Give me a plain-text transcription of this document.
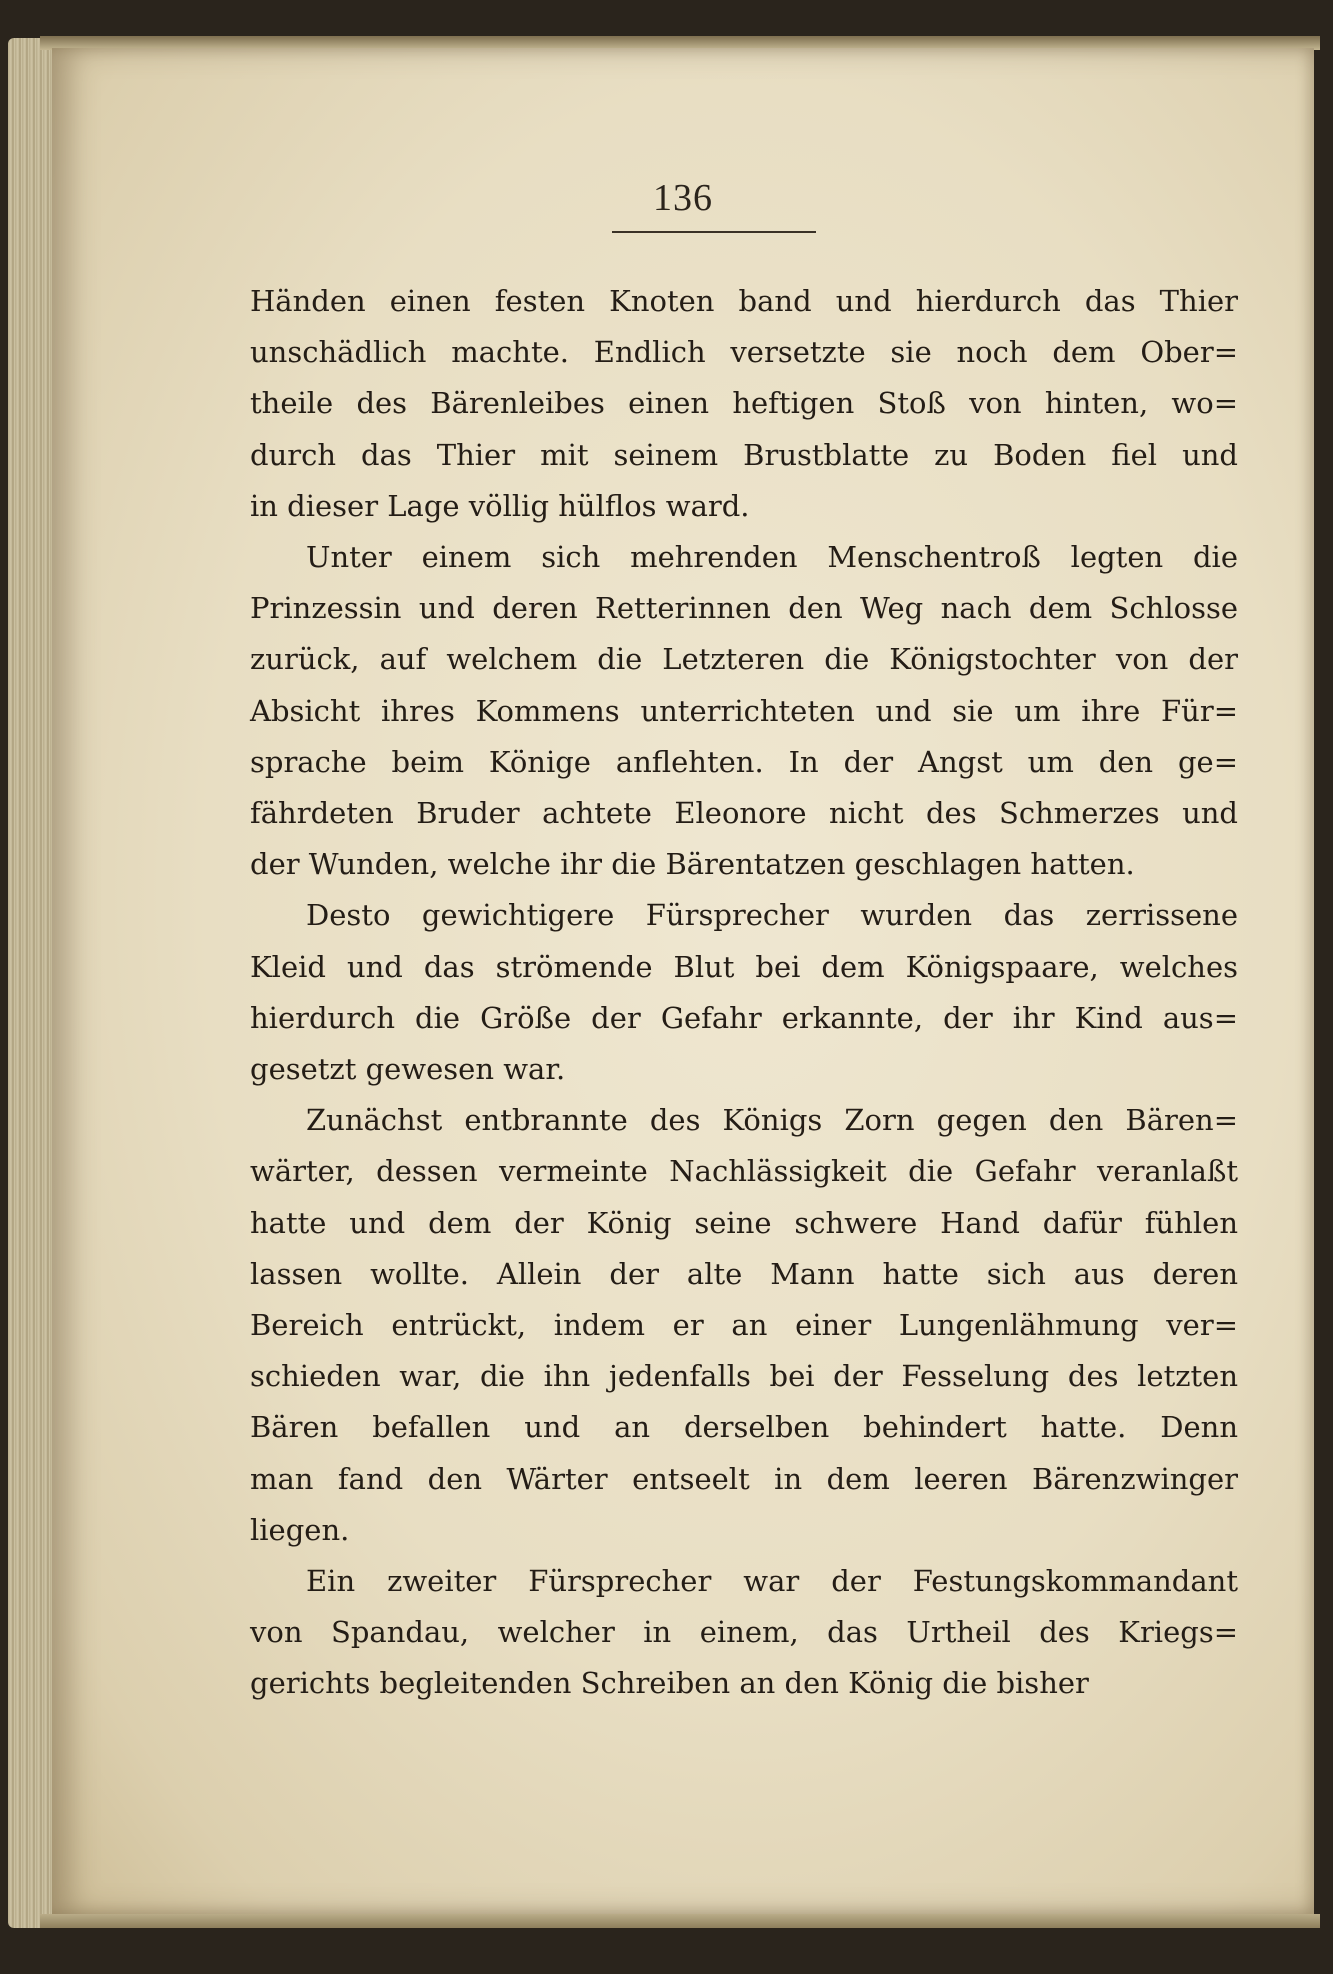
136
Händen einen festen Knoten band und hierdurch das Thier
unschädlich machte. Endlich versetzte sie noch dem Ober=
theile des Bärenleibes einen heftigen Stoß von hinten, wo=
durch das Thier mit seinem Brustblatte zu Boden fiel und
in dieser Lage völlig hülflos ward.
Unter einem sich mehrenden Menschentroß legten die
Prinzessin und deren Retterinnen den Weg nach dem Schlosse
zurück, auf welchem die Letzteren die Königstochter von der
Absicht ihres Kommens unterrichteten und sie um ihre Für=
sprache beim Könige anflehten. In der Angst um den ge=
fährdeten Bruder achtete Eleonore nicht des Schmerzes und
der Wunden, welche ihr die Bärentatzen geschlagen hatten.
Desto gewichtigere Fürsprecher wurden das zerrissene
Kleid und das strömende Blut bei dem Königspaare, welches
hierdurch die Größe der Gefahr erkannte, der ihr Kind aus=
gesetzt gewesen war.
Zunächst entbrannte des Königs Zorn gegen den Bären=
wärter, dessen vermeinte Nachlässigkeit die Gefahr veranlaßt
hatte und dem der König seine schwere Hand dafür fühlen
lassen wollte. Allein der alte Mann hatte sich aus deren
Bereich entrückt, indem er an einer Lungenlähmung ver=
schieden war, die ihn jedenfalls bei der Fesselung des letzten
Bären befallen und an derselben behindert hatte. Denn
man fand den Wärter entseelt in dem leeren Bärenzwinger
liegen.
Ein zweiter Fürsprecher war der Festungskommandant
von Spandau, welcher in einem, das Urtheil des Kriegs=
gerichts begleitenden Schreiben an den König die bisher
